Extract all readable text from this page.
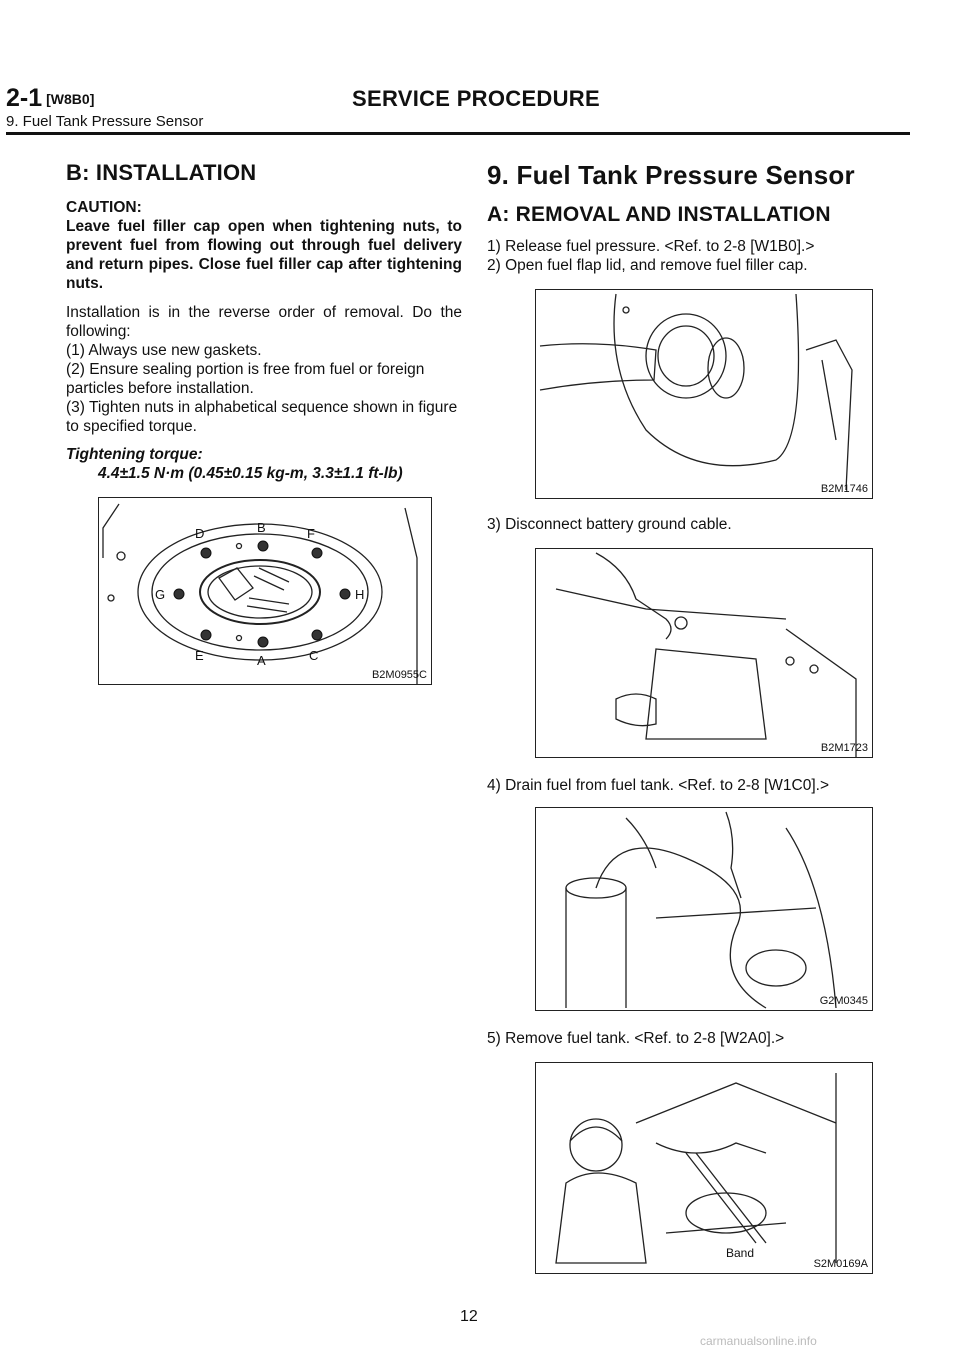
2-1 [W8B0]	SERVICE PROCEDURE
9. Fuel Tank Pressure Sensor
B: INSTALLATION

CAUTION:

Leave fuel filler cap open when tightening nuts, to prevent fuel from flowing out through fuel delivery and return pipes. Close fuel filler cap after tightening nuts.

Installation is in the reverse order of removal. Do the following:

(1) Always use new gaskets.

(2) Ensure sealing portion is free from fuel or foreign particles before installation.

(3) Tighten nuts in alphabetical sequence shown in figure to specified torque.

Tightening torque:

4.4±1.5 N·m (0.45±0.15 kg-m, 3.3±1.1 ft-lb)

D	B	F
G	H
E	A	C
B2M0955C
9. Fuel Tank Pressure Sensor
A: REMOVAL AND INSTALLATION

1) Release fuel pressure. <Ref. to 2-8 [W1B0].>

2) Open fuel flap lid, and remove fuel filler cap.

B2M1746

3) Disconnect battery ground cable.

B2M1723

4) Drain fuel from fuel tank. <Ref. to 2-8 [W1C0].>

G2M0345

5) Remove fuel tank. <Ref. to 2-8 [W2A0].>

Band
S2M0169A
12
carmanualsonline.info
